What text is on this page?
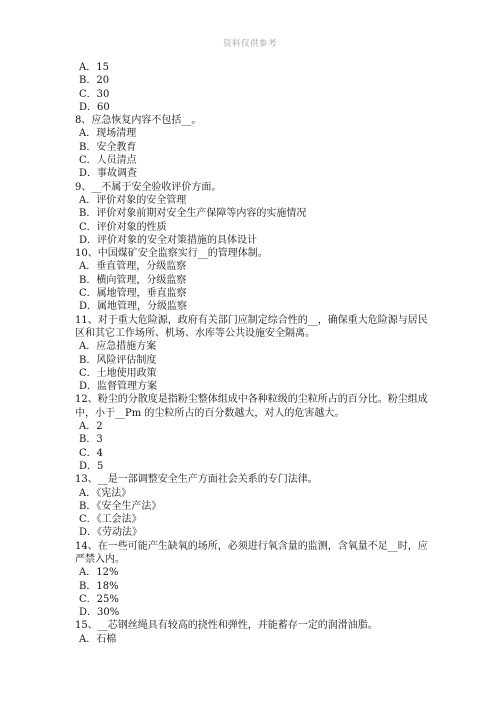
资料仅供参考
A．15
B．20
C．30
D．60
8、应急恢复内容不包括__。
A．现场清理
B．安全教育
C．人员清点
D．事故调查
9、__不属于安全验收评价方面。
A．评价对象的安全管理
B．评价对象前期对安全生产保障等内容的实施情况
C．评价对象的性质
D．评价对象的安全对策措施的具体设计
10、中国煤矿安全监察实行__的管理体制。
A．垂直管理，分级监察
B．横向管理，分级监察
C．属地管理，垂直监察
D．属地管理，分级监察
11、对于重大危险源，政府有关部门应制定综合性的__，确保重大危险源与居民区和其它工作场所、机场、水库等公共设施安全隔离。
A．应急措施方案
B．风险评估制度
C．土地使用政策
D．监督管理方案
12、粉尘的分散度是指粉尘整体组成中各种粒级的尘粒所占的百分比。粉尘组成中，小于__Pm 的尘粒所占的百分数越大，对人的危害越大。
A．2
B．3
C．4
D．5
13、__是一部调整安全生产方面社会关系的专门法律。
A．《宪法》
B．《安全生产法》
C．《工会法》
D．《劳动法》
14、在一些可能产生缺氧的场所，必须进行氧含量的监测，含氧量不足__时，应严禁入内。
A．12%
B．18%
C．25%
D．30%
15、__芯钢丝绳具有较高的挠性和弹性，并能蓄存一定的润滑油脂。
A．石棉
